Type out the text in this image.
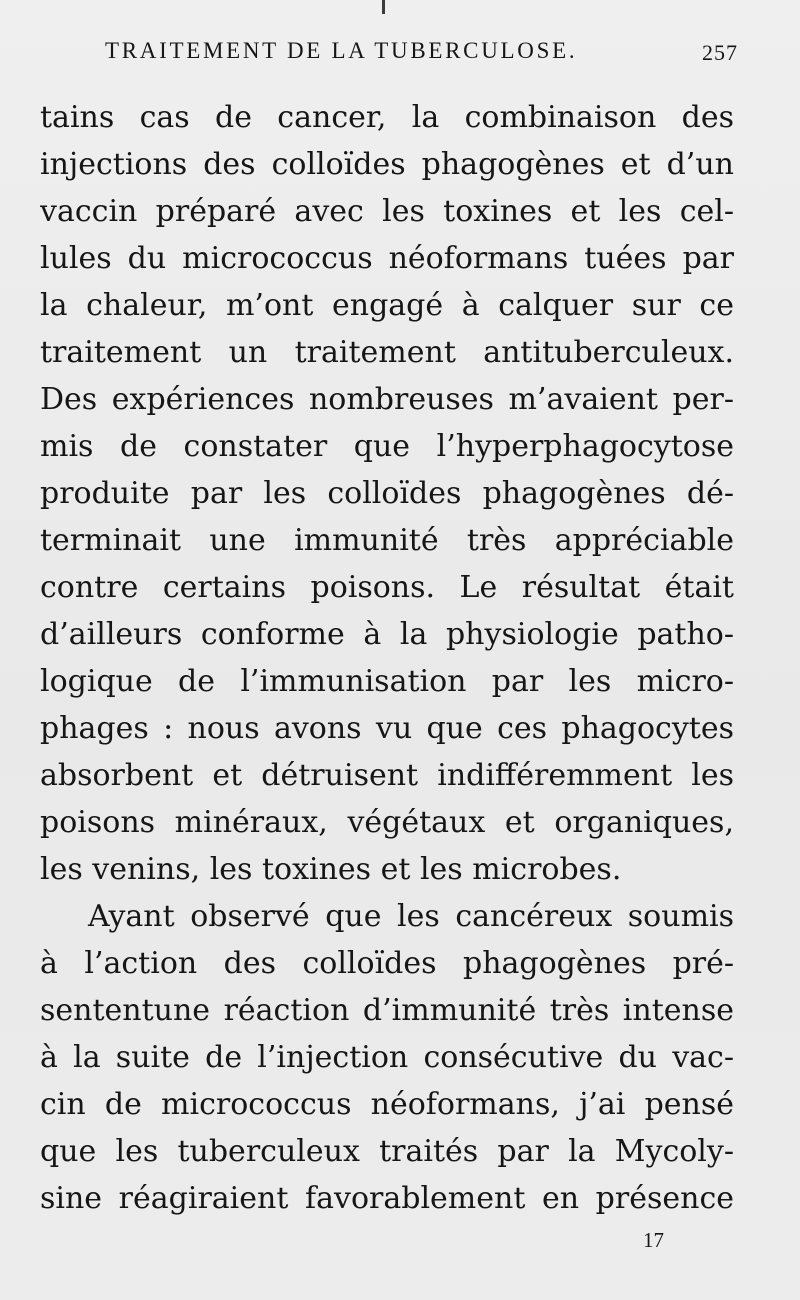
TRAITEMENT DE LA TUBERCULOSE.	257
tains cas de cancer, la combinaison des
injections des colloïdes phagogènes et d’un
vaccin préparé avec les toxines et les cel-
lules du micrococcus néoformans tuées par
la chaleur, m’ont engagé à calquer sur ce
traitement un traitement antituberculeux.
Des expériences nombreuses m’avaient per-
mis de constater que l’hyperphagocytose
produite par les colloïdes phagogènes dé-
terminait une immunité très appréciable
contre certains poisons. Le résultat était
d’ailleurs conforme à la physiologie patho-
logique de l’immunisation par les micro-
phages : nous avons vu que ces phagocytes
absorbent et détruisent indifféremment les
poisons minéraux, végétaux et organiques,
les venins, les toxines et les microbes.
Ayant observé que les cancéreux soumis
à l’action des colloïdes phagogènes pré-
sententune réaction d’immunité très intense
à la suite de l’injection consécutive du vac-
cin de micrococcus néoformans, j’ai pensé
que les tuberculeux traités par la Mycoly-
sine réagiraient favorablement en présence
17
